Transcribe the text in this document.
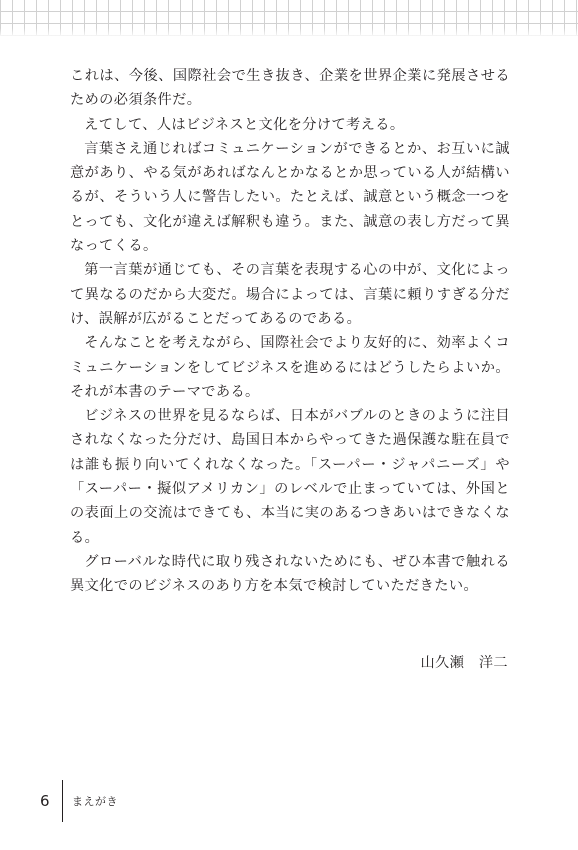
これは、今後、国際社会で生き抜き、企業を世界企業に発展させるための必須条件だ。

えてして、人はビジネスと文化を分けて考える。

言葉さえ通じればコミュニケーションができるとか、お互いに誠意があり、やる気があればなんとかなるとか思っている人が結構いるが、そういう人に警告したい。たとえば、誠意という概念一つをとっても、文化が違えば解釈も違う。また、誠意の表し方だって異なってくる。

第一言葉が通じても、その言葉を表現する心の中が、文化によって異なるのだから大変だ。場合によっては、言葉に頼りすぎる分だけ、誤解が広がることだってあるのである。

そんなことを考えながら、国際社会でより友好的に、効率よくコミュニケーションをしてビジネスを進めるにはどうしたらよいか。それが本書のテーマである。

ビジネスの世界を見るならば、日本がバブルのときのように注目されなくなった分だけ、島国日本からやってきた過保護な駐在員では誰も振り向いてくれなくなった。「スーパー・ジャパニーズ」や「スーパー・擬似アメリカン」のレベルで止まっていては、外国との表面上の交流はできても、本当に実のあるつきあいはできなくなる。

グローバルな時代に取り残されないためにも、ぜひ本書で触れる異文化でのビジネスのあり方を本気で検討していただきたい。

山久瀬　洋二
6	まえがき
